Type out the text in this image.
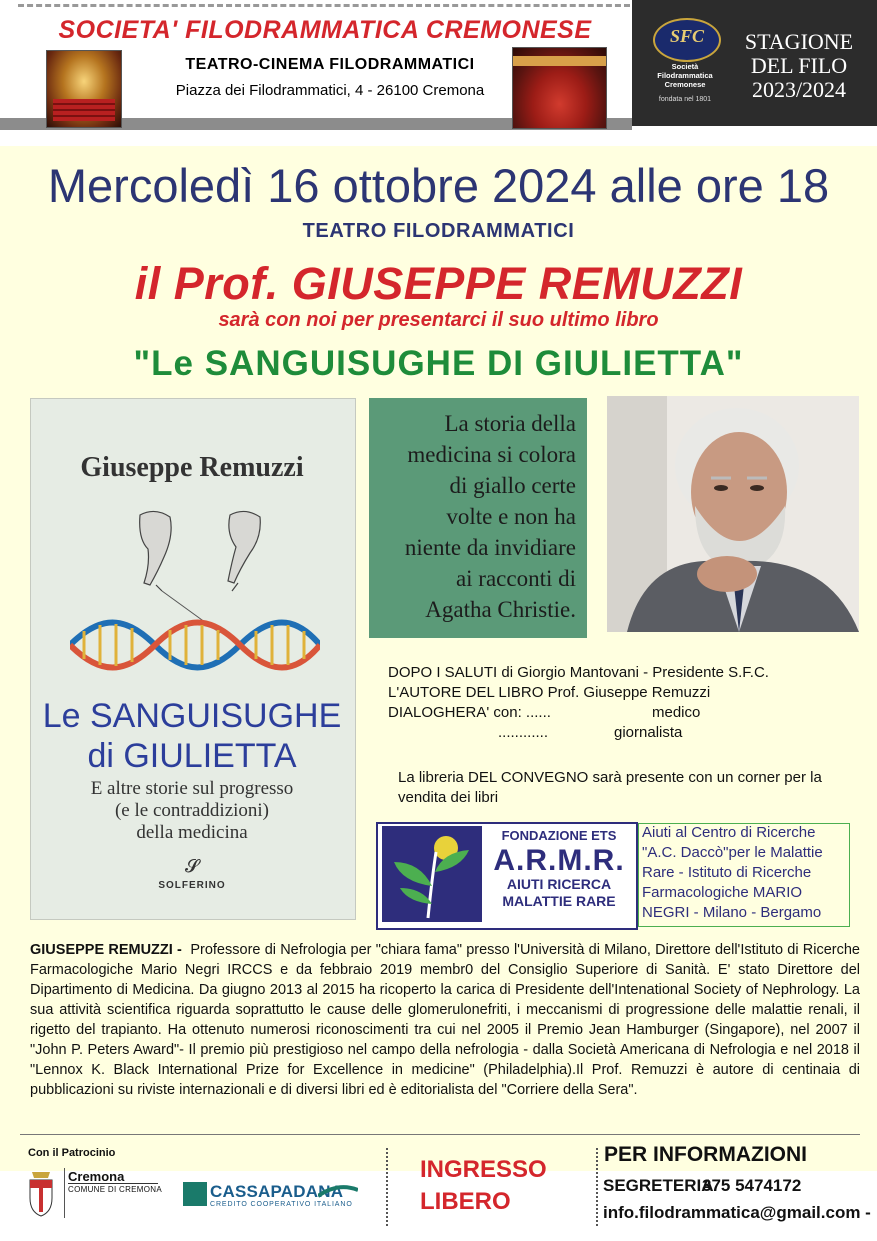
SOCIETA' FILODRAMMATICA CREMONESE
TEATRO-CINEMA FILODRAMMATICI
Piazza dei Filodrammatici, 4 - 26100 Cremona
SFC
Società
Filodrammatica
Cremonese
fondata nel 1801
STAGIONE
DEL FILO
2023/2024
Mercoledì 16 ottobre 2024 alle ore 18
TEATRO FILODRAMMATICI
il Prof. GIUSEPPE REMUZZI
sarà con noi per presentarci il suo ultimo libro
"Le SANGUISUGHE DI GIULIETTA"
Giuseppe Remuzzi
Le SANGUISUGHE
di GIULIETTA
E altre storie sul progresso
(e le contraddizioni)
della medicina
𝓢
SOLFERINO
La storia della
medicina si colora
di giallo certe
volte e non ha
niente da invidiare
ai racconti di
Agatha Christie.
DOPO I SALUTI di Giorgio Mantovani - Presidente S.F.C.
L'AUTORE DEL LIBRO Prof. Giuseppe Remuzzi
DIALOGHERA' con: ......	medico
............	giornalista
La libreria DEL CONVEGNO sarà presente con un corner per la vendita dei libri
FONDAZIONE ETS
A.R.M.R.
AIUTI RICERCA
MALATTIE RARE
Aiuti al Centro di Ricerche
"A.C. Daccò"per le Malattie
Rare - Istituto di Ricerche
Farmacologiche MARIO
NEGRI - Milano - Bergamo
GIUSEPPE REMUZZI - Professore di Nefrologia per "chiara fama" presso l'Università di Milano, Direttore dell'Istituto di Ricerche Farmacologiche Mario Negri IRCCS e da febbraio 2019 membr0 del Consiglio Superiore di Sanità. E' stato Direttore del Dipartimento di Medicina. Da giugno 2013 al 2015 ha ricoperto la carica di Presidente dell'Intenational Society of Nephrology. La sua attività scientifica riguarda soprattutto le cause delle glomerulonefriti, i meccanismi di progressione delle malattie renali, il rigetto del trapianto. Ha ottenuto numerosi riconoscimenti tra cui nel 2005 il Premio Jean Hamburger (Singapore), nel 2007 il "John P. Peters Award"- Il premio più prestigioso nel campo della nefrologia - dalla Società Americana di Nefrologia e nel 2018 il "Lennox K. Black International Prize for Excellence in medicine" (Philadelphia).Il Prof. Remuzzi è autore di centinaia di pubblicazioni su riviste internazionali e di diversi libri ed è editorialista del "Corriere della Sera".
Con il Patrocinio
Cremona
COMUNE DI CREMONA	CASSAPADANA
CREDITO COOPERATIVO ITALIANO
INGRESSO
LIBERO
PER INFORMAZIONI
SEGRETERIA
375 5474172
info.filodrammatica@gmail.com -
